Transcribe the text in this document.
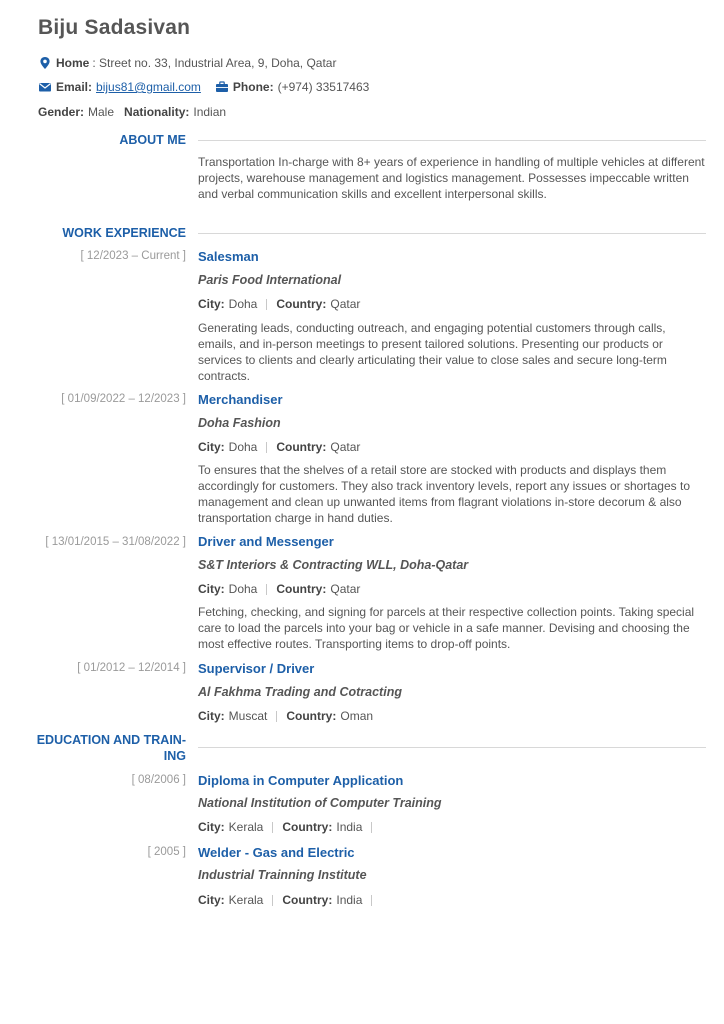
Biju Sadasivan
Home : Street no. 33, Industrial Area, 9, Doha, Qatar
Email: bijus81@gmail.com	Phone: (+974) 33517463
Gender: Male Nationality: Indian
ABOUT ME
Transportation In-charge with 8+ years of experience in handling of multiple vehicles at different projects, warehouse management and logistics management. Possesses impeccable written and verbal communication skills and excellent interpersonal skills.
WORK EXPERIENCE
[ 12/2023 – Current ] Salesman
Paris Food International
City: Doha Country: Qatar
Generating leads, conducting outreach, and engaging potential customers through calls, emails, and in-person meetings to present tailored solutions. Presenting our products or services to clients and clearly articulating their value to close sales and secure long-term contracts.
[ 01/09/2022 – 12/2023 ] Merchandiser
Doha Fashion
City: Doha Country: Qatar
To ensures that the shelves of a retail store are stocked with products and displays them accordingly for customers. They also track inventory levels, report any issues or shortages to management and clean up unwanted items from flagrant violations in-store decorum & also transportation charge in hand duties.
[ 13/01/2015 – 31/08/2022 ] Driver and Messenger
S&T Interiors & Contracting WLL, Doha-Qatar
City: Doha Country: Qatar
Fetching, checking, and signing for parcels at their respective collection points. Taking special care to load the parcels into your bag or vehicle in a safe manner. Devising and choosing the most effective routes. Transporting items to drop-off points.
[ 01/2012 – 12/2014 ] Supervisor / Driver
Al Fakhma Trading and Cotracting
City: Muscat Country: Oman
EDUCATION AND TRAIN-
ING
[ 08/2006 ] Diploma in Computer Application
National Institution of Computer Training
City: Kerala Country: India
[ 2005 ] Welder - Gas and Electric
Industrial Trainning Institute
City: Kerala Country: India
